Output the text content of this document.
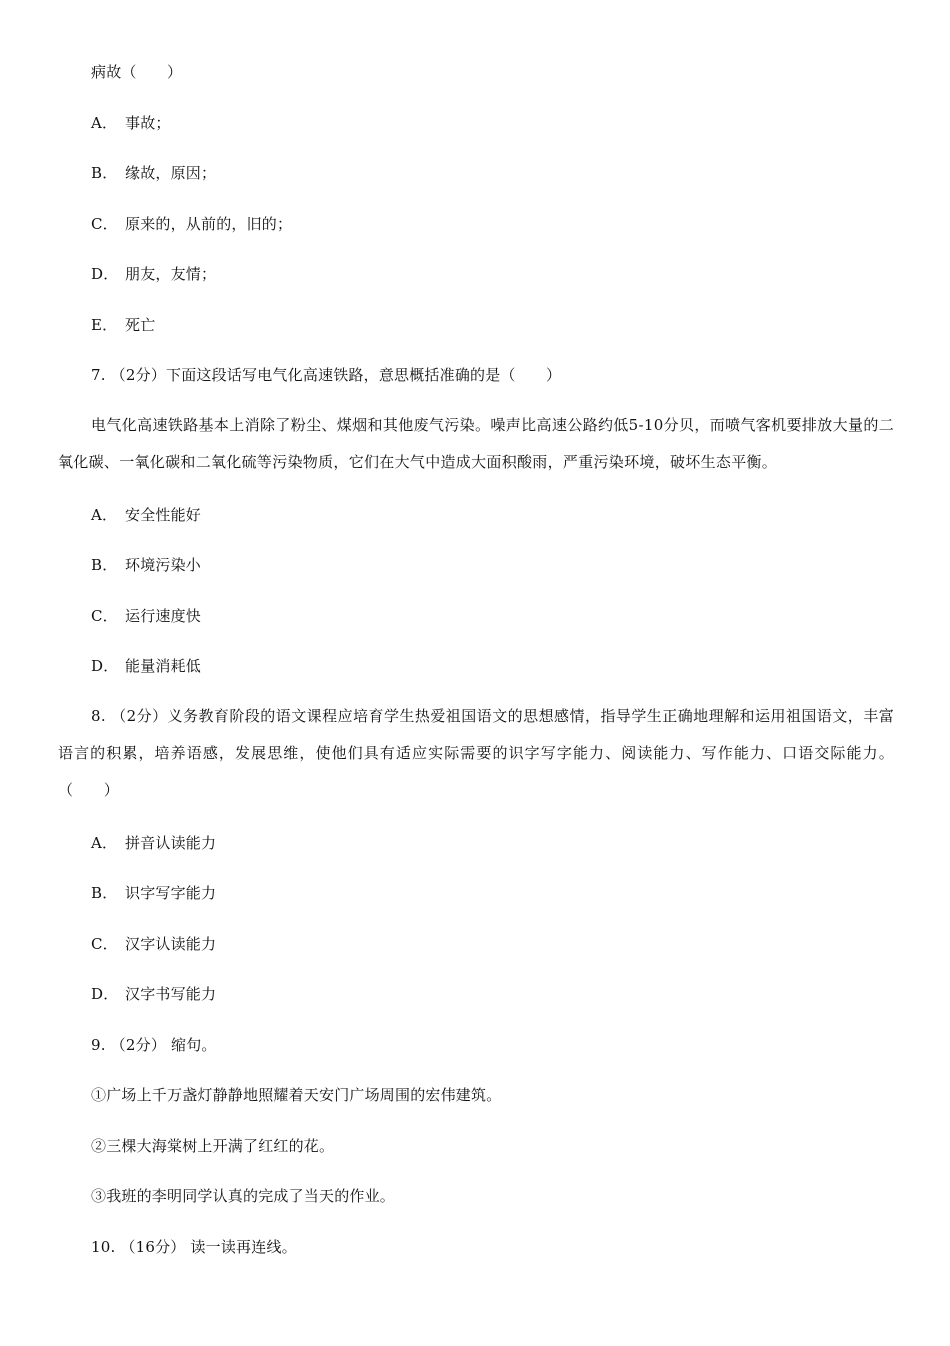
病故（　　）
A． 事故；
B． 缘故，原因；
C． 原来的，从前的，旧的；
D． 朋友，友情；
E． 死亡
7. （2分）下面这段话写电气化高速铁路，意思概括准确的是（　　）
电气化高速铁路基本上消除了粉尘、煤烟和其他废气污染。噪声比高速公路约低5-10分贝，而喷气客机要排放大量的二氧化碳、一氧化碳和二氧化硫等污染物质，它们在大气中造成大面积酸雨，严重污染环境，破坏生态平衡。
A． 安全性能好
B． 环境污染小
C． 运行速度快
D． 能量消耗低
8. （2分）义务教育阶段的语文课程应培育学生热爱祖国语文的思想感情，指导学生正确地理解和运用祖国语文，丰富语言的积累，培养语感，发展思维，使他们具有适应实际需要的识字写字能力、阅读能力、写作能力、口语交际能力。（　　）
A． 拼音认读能力
B． 识字写字能力
C． 汉字认读能力
D． 汉字书写能力
9. （2分） 缩句。
①广场上千万盏灯静静地照耀着天安门广场周围的宏伟建筑。
②三棵大海棠树上开满了红红的花。
③我班的李明同学认真的完成了当天的作业。
10. （16分） 读一读再连线。
